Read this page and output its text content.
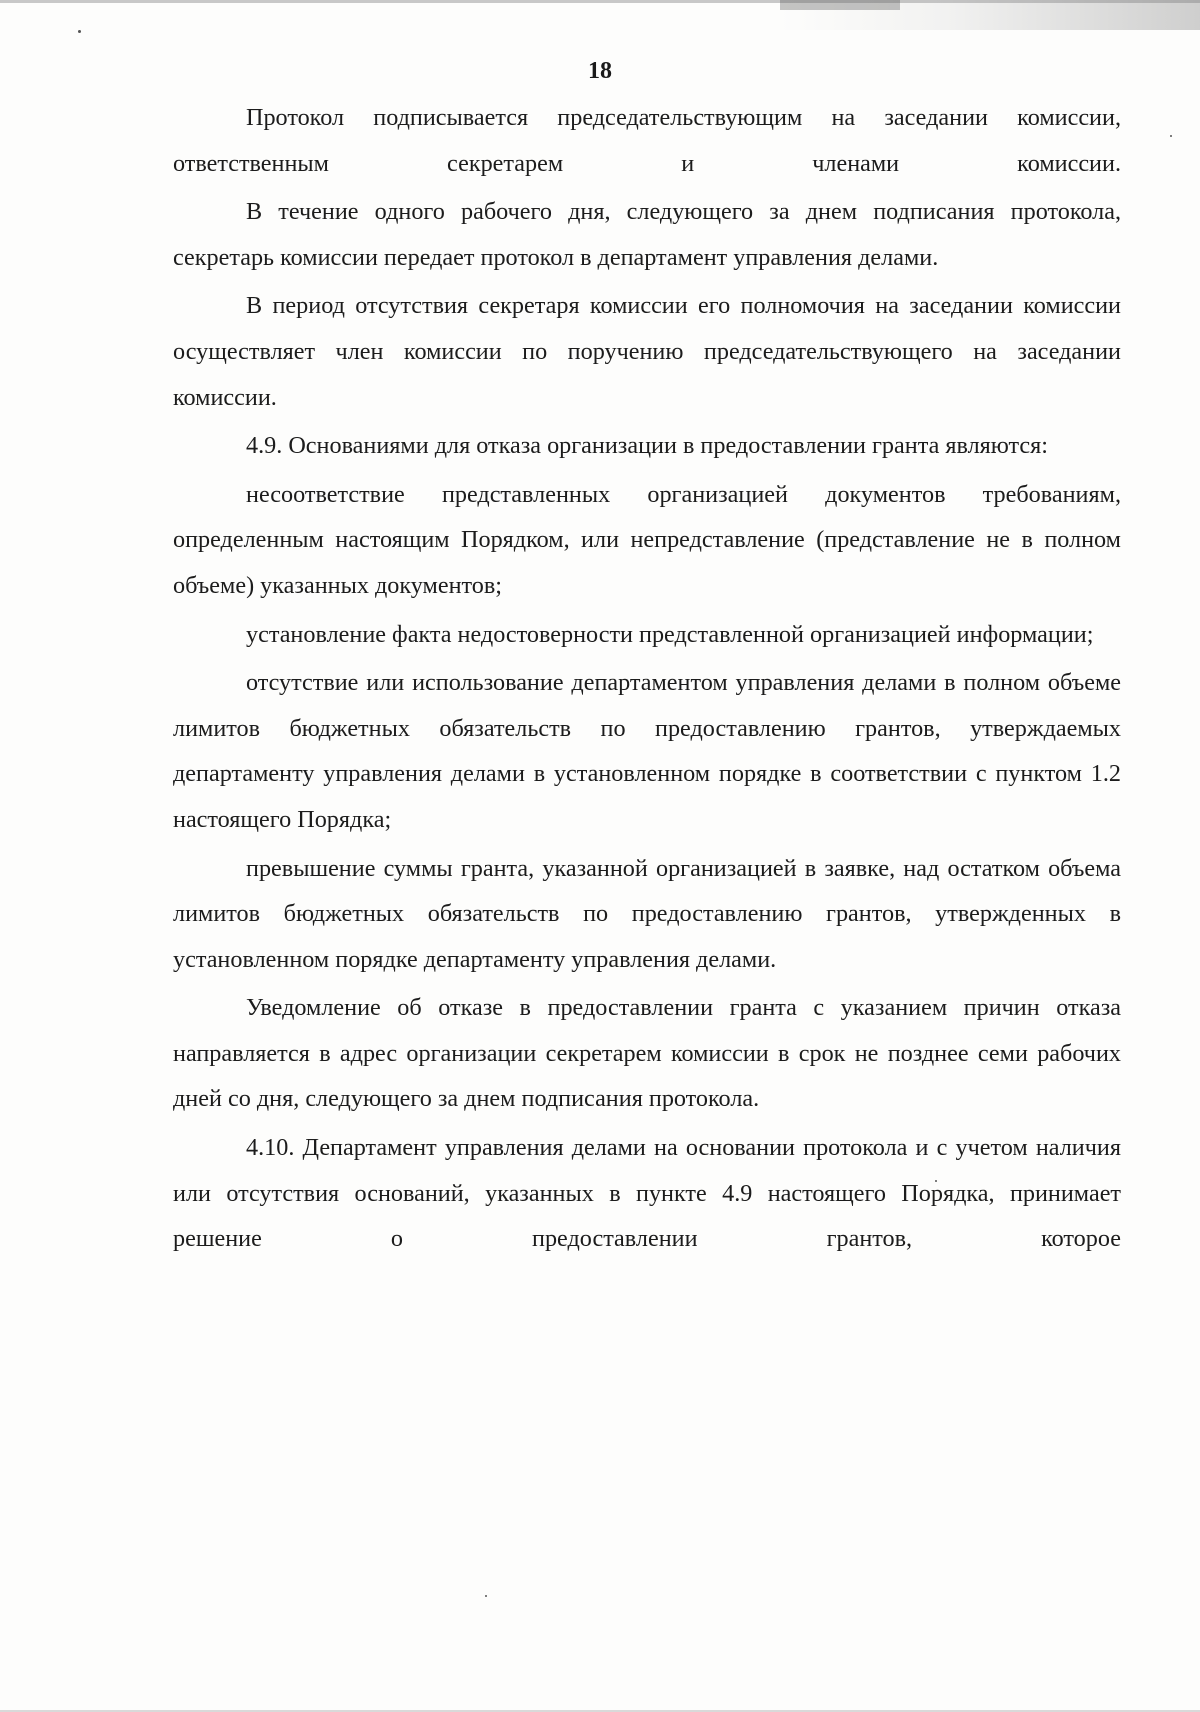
18

Протокол подписывается председательствующим на заседании комиссии, ответственным секретарем и членами комиссии.

В течение одного рабочего дня, следующего за днем подписания протокола, секретарь комиссии передает протокол в департамент управления делами.

В период отсутствия секретаря комиссии его полномочия на заседании комиссии осуществляет член комиссии по поручению председательствующего на заседании комиссии.

4.9. Основаниями для отказа организации в предоставлении гранта являются:

несоответствие представленных организацией документов требованиям, определенным настоящим Порядком, или непредставление (представление не в полном объеме) указанных документов;

установление факта недостоверности представленной организацией информации;

отсутствие или использование департаментом управления делами в полном объеме лимитов бюджетных обязательств по предоставлению грантов, утверждаемых департаменту управления делами в установленном порядке в соответствии с пунктом 1.2 настоящего Порядка;

превышение суммы гранта, указанной организацией в заявке, над остатком объема лимитов бюджетных обязательств по предоставлению грантов, утвержденных в установленном порядке департаменту управления делами.

Уведомление об отказе в предоставлении гранта с указанием причин отказа направляется в адрес организации секретарем комиссии в срок не позднее семи рабочих дней со дня, следующего за днем подписания протокола.

4.10. Департамент управления делами на основании протокола и с учетом наличия или отсутствия оснований, указанных в пункте 4.9 настоящего Порядка, принимает решение о предоставлении грантов, которое
